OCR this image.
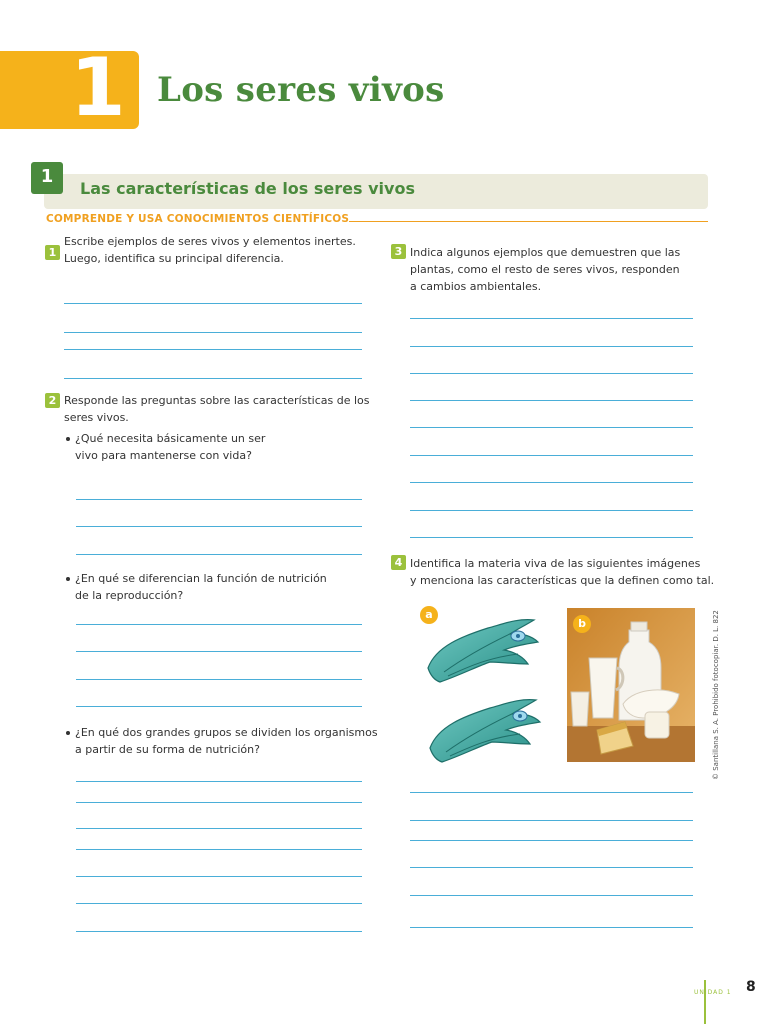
1 Los seres vivos
1
Las características de los seres vivos
COMPRENDE Y USA CONOCIMIENTOS CIENTÍFICOS
1
Escribe ejemplos de seres vivos y elementos inertes.
Luego, identifica su principal diferencia.
2 Responde las preguntas sobre las características de los
seres vivos.
¿Qué necesita básicamente un ser
vivo para mantenerse con vida?
¿En qué se diferencian la función de nutrición
de la reproducción?
¿En qué dos grandes grupos se dividen los organismos
a partir de su forma de nutrición?
3 Indica algunos ejemplos que demuestren que las
plantas, como el resto de seres vivos, responden
a cambios ambientales.
4 Identifica la materia viva de las siguientes imágenes
y menciona las características que la definen como tal.
a
b	© Santillana S. A. Prohibido fotocopiar. D. L. 822
UNIDAD 1 8
